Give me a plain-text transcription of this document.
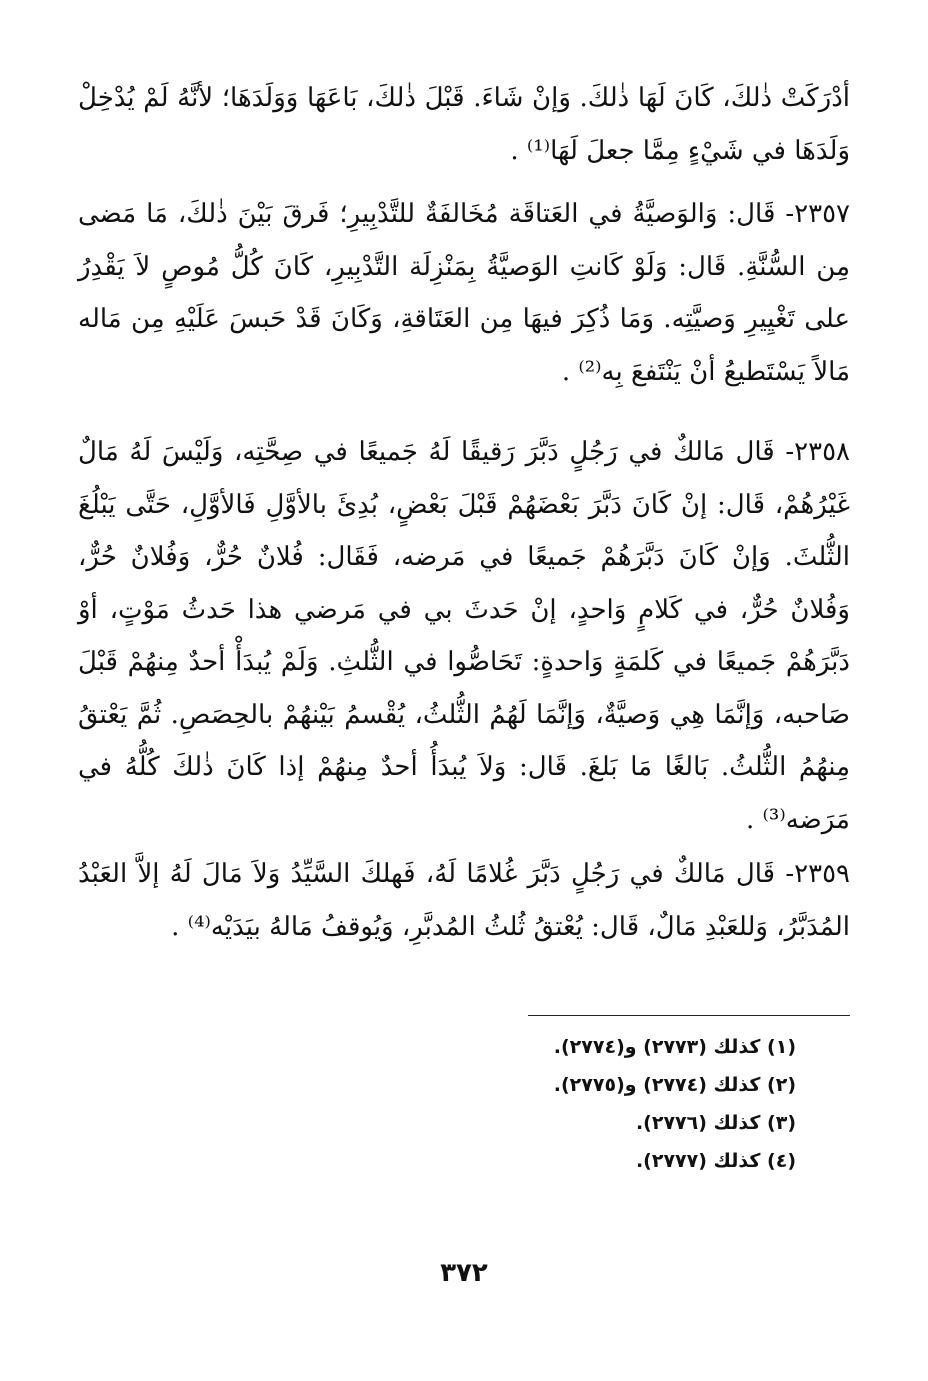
أدْرَكَتْ ذٰلكَ، كَانَ لَهَا ذٰلكَ. وَإنْ شَاءَ. قَبْلَ ذٰلكَ، بَاعَهَا وَوَلَدَهَا؛ لأنَّهُ لَمْ يُدْخِلْ وَلَدَهَا في شَيْءٍ مِمَّا جعلَ لَهَا⁽¹⁾ .

٢٣٥٧- قَال: وَالوَصيَّةُ في العَتاقَة مُخَالفَةٌ للتَّدْبِيرِ؛ فَرقَ بَيْنَ ذٰلكَ، مَا مَضى مِن السُّنَّةِ. قَال: وَلَوْ كَانتِ الوَصيَّةُ بِمَنْزِلَة التَّدْبِيرِ، كَانَ كُلُّ مُوصٍ لاَ يَقْدِرُ على تَغْيِيرِ وَصيَّتِه. وَمَا ذُكِرَ فيهَا مِن العَتَاقةِ، وَكَانَ قَدْ حَبسَ عَلَيْهِ مِن مَاله مَالاً يَسْتَطيعُ أنْ يَنْتَفعَ بِه⁽²⁾ .

٢٣٥٨- قَال مَالكٌ في رَجُلٍ دَبَّرَ رَقيقًا لَهُ جَميعًا في صِحَّتِه، وَلَيْسَ لَهُ مَالٌ غَيْرُهُمْ، قَال: إنْ كَانَ دَبَّرَ بَعْضَهُمْ قَبْلَ بَعْضٍ، بُدِئَ بالأوَّلِ فَالأوَّلِ، حَتَّى يَبْلُغَ الثُّلثَ. وَإنْ كَانَ دَبَّرَهُمْ جَميعًا في مَرضه، فَقَال: فُلانٌ حُرٌّ، وَفُلانٌ حُرٌّ، وَفُلانٌ حُرٌّ، في كَلامٍ وَاحدٍ، إنْ حَدثَ بي في مَرضي هذا حَدثُ مَوْتٍ، أوْ دَبَّرَهُمْ جَميعًا في كَلمَةٍ وَاحدةٍ: تَحَاصُّوا في الثُّلثِ. وَلَمْ يُبدَأْ أحدٌ مِنهُمْ قَبْلَ صَاحبه، وَإنَّمَا هِي وَصيَّةٌ، وَإنَّمَا لَهُمُ الثُّلثُ، يُقْسمُ بَيْنهُمْ بالحِصَصِ. ثُمَّ يَعْتقُ مِنهُمُ الثُّلثُ. بَالغًا مَا بَلغَ. قَال: وَلاَ يُبدَأُ أحدٌ مِنهُمْ إذا كَانَ ذٰلكَ كُلُّهُ في مَرَضه⁽³⁾ .

٢٣٥٩- قَال مَالكٌ في رَجُلٍ دَبَّرَ غُلامًا لَهُ، فَهلكَ السَّيِّدُ وَلاَ مَالَ لَهُ إلاَّ العَبْدُ المُدَبَّرُ، وَللعَبْدِ مَالٌ، قَال: يُعْتقُ ثُلثُ المُدبَّرِ، وَيُوقفُ مَالهُ بيَدَيْه⁽⁴⁾ .

(١) كذلك (٢٧٧٣) و(٢٧٧٤).
(٢) كذلك (٢٧٧٤) و(٢٧٧٥).
(٣) كذلك (٢٧٧٦).
(٤) كذلك (٢٧٧٧).
٣٧٢
